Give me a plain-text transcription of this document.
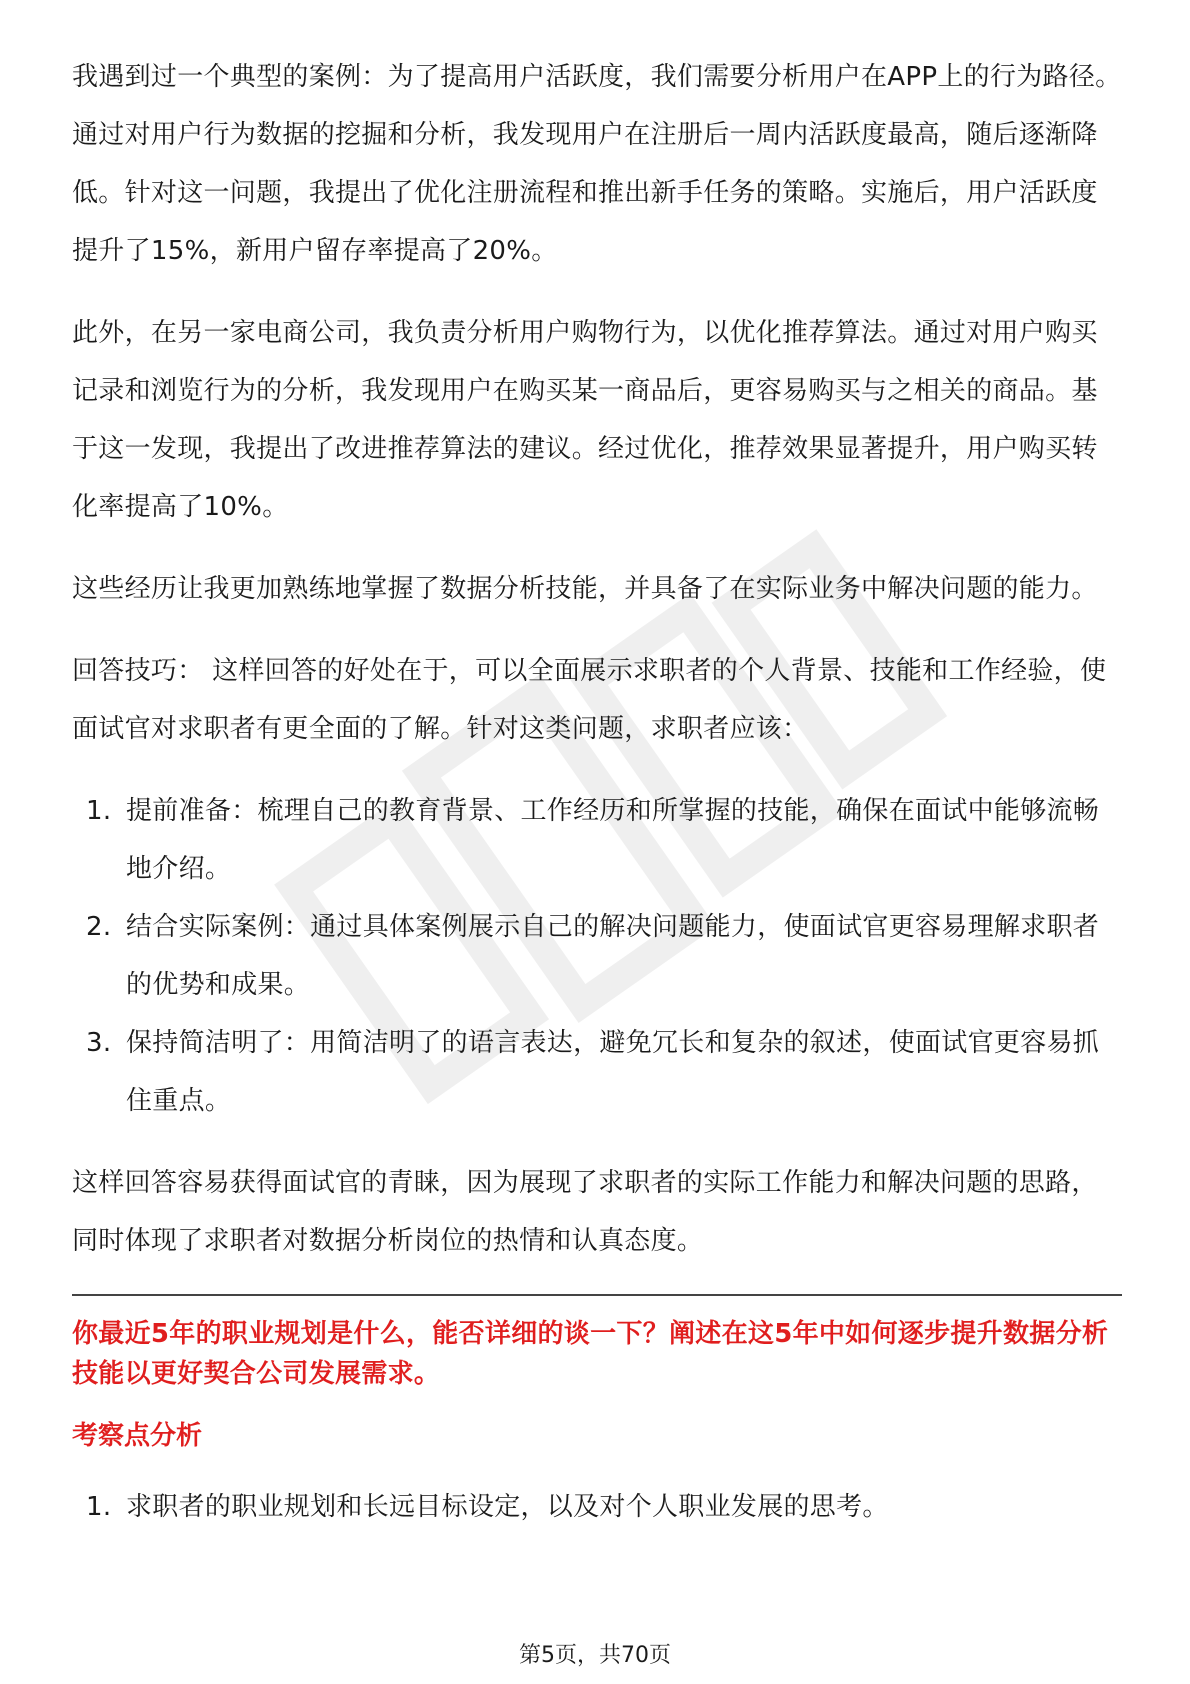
我遇到过一个典型的案例：为了提高用户活跃度，我们需要分析用户在APP上的行为路径。通过对用户行为数据的挖掘和分析，我发现用户在注册后一周内活跃度最高，随后逐渐降低。针对这一问题，我提出了优化注册流程和推出新手任务的策略。实施后，用户活跃度提升了15%，新用户留存率提高了20%。

此外，在另一家电商公司，我负责分析用户购物行为，以优化推荐算法。通过对用户购买记录和浏览行为的分析，我发现用户在购买某一商品后，更容易购买与之相关的商品。基于这一发现，我提出了改进推荐算法的建议。经过优化，推荐效果显著提升，用户购买转化率提高了10%。

这些经历让我更加熟练地掌握了数据分析技能，并具备了在实际业务中解决问题的能力。

回答技巧： 这样回答的好处在于，可以全面展示求职者的个人背景、技能和工作经验，使面试官对求职者有更全面的了解。针对这类问题，求职者应该：

1. 提前准备：梳理自己的教育背景、工作经历和所掌握的技能，确保在面试中能够流畅地介绍。
2. 结合实际案例：通过具体案例展示自己的解决问题能力，使面试官更容易理解求职者的优势和成果。
3. 保持简洁明了：用简洁明了的语言表达，避免冗长和复杂的叙述，使面试官更容易抓住重点。

这样回答容易获得面试官的青睐，因为展现了求职者的实际工作能力和解决问题的思路，同时体现了求职者对数据分析岗位的热情和认真态度。

你最近5年的职业规划是什么，能否详细的谈一下？阐述在这5年中如何逐步提升数据分析技能以更好契合公司发展需求。

考察点分析

1. 求职者的职业规划和长远目标设定，以及对个人职业发展的思考。
第5页，共70页
